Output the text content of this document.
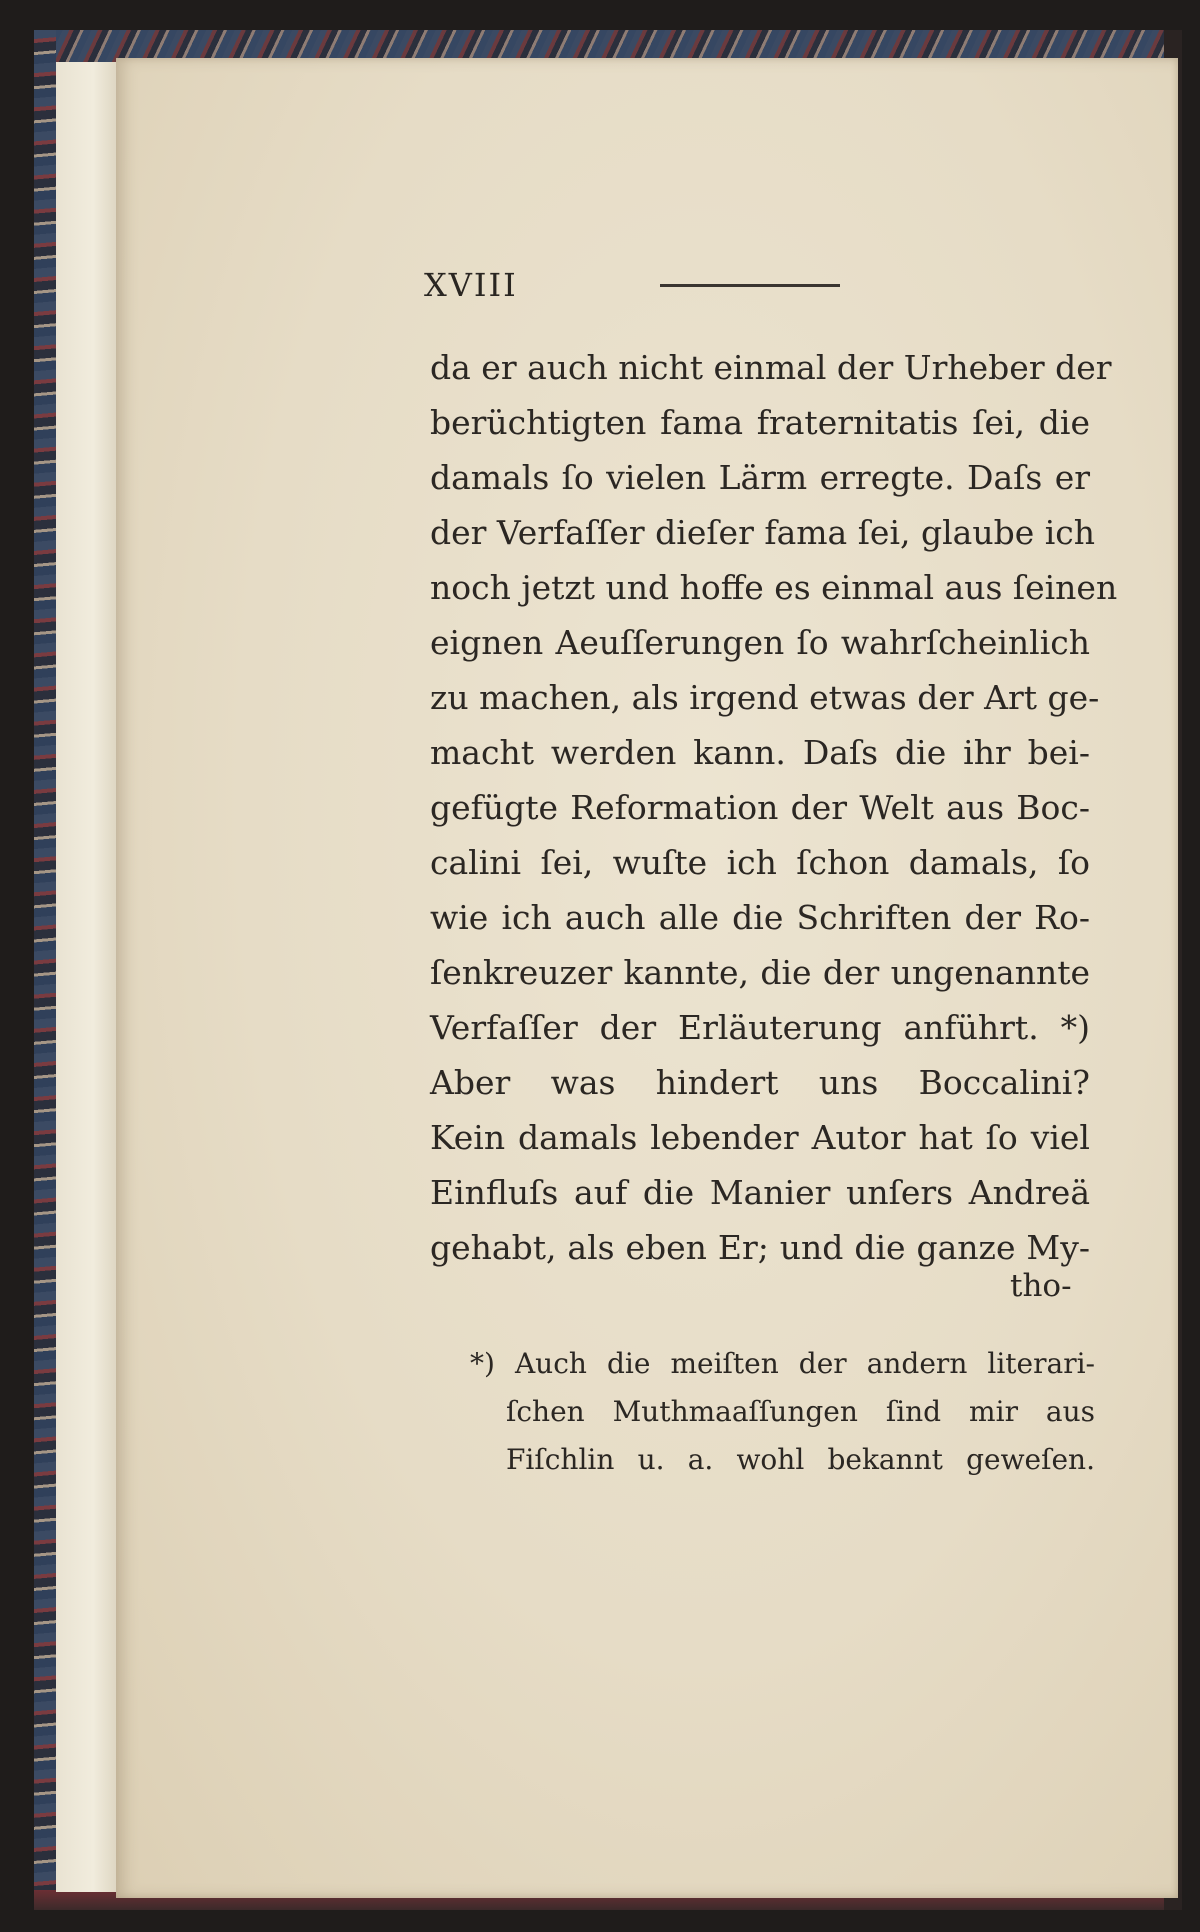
XVIII
da er auch nicht einmal der Urheber der
berüchtigten fama fraternitatis ſei, die
damals ſo vielen Lärm erregte. Daſs er
der Verfaſſer dieſer fama ſei, glaube ich
noch jetzt und hoffe es einmal aus ſeinen
eignen Aeuſſerungen ſo wahrſcheinlich
zu machen, als irgend etwas der Art ge-
macht werden kann. Daſs die ihr bei-
gefügte Reformation der Welt aus Boc-
calini ſei, wuſte ich ſchon damals, ſo
wie ich auch alle die Schriften der Ro-
ſenkreuzer kannte, die der ungenannte
Verfaſſer der Erläuterung anführt. *)
Aber was hindert uns Boccalini?
Kein damals lebender Autor hat ſo viel
Einfluſs auf die Manier unſers Andreä
gehabt, als eben Er; und die ganze My-
tho-
*) Auch die meiſten der andern literari-
ſchen Muthmaaſſungen ſind mir aus
Fiſchlin u. a. wohl bekannt geweſen.
